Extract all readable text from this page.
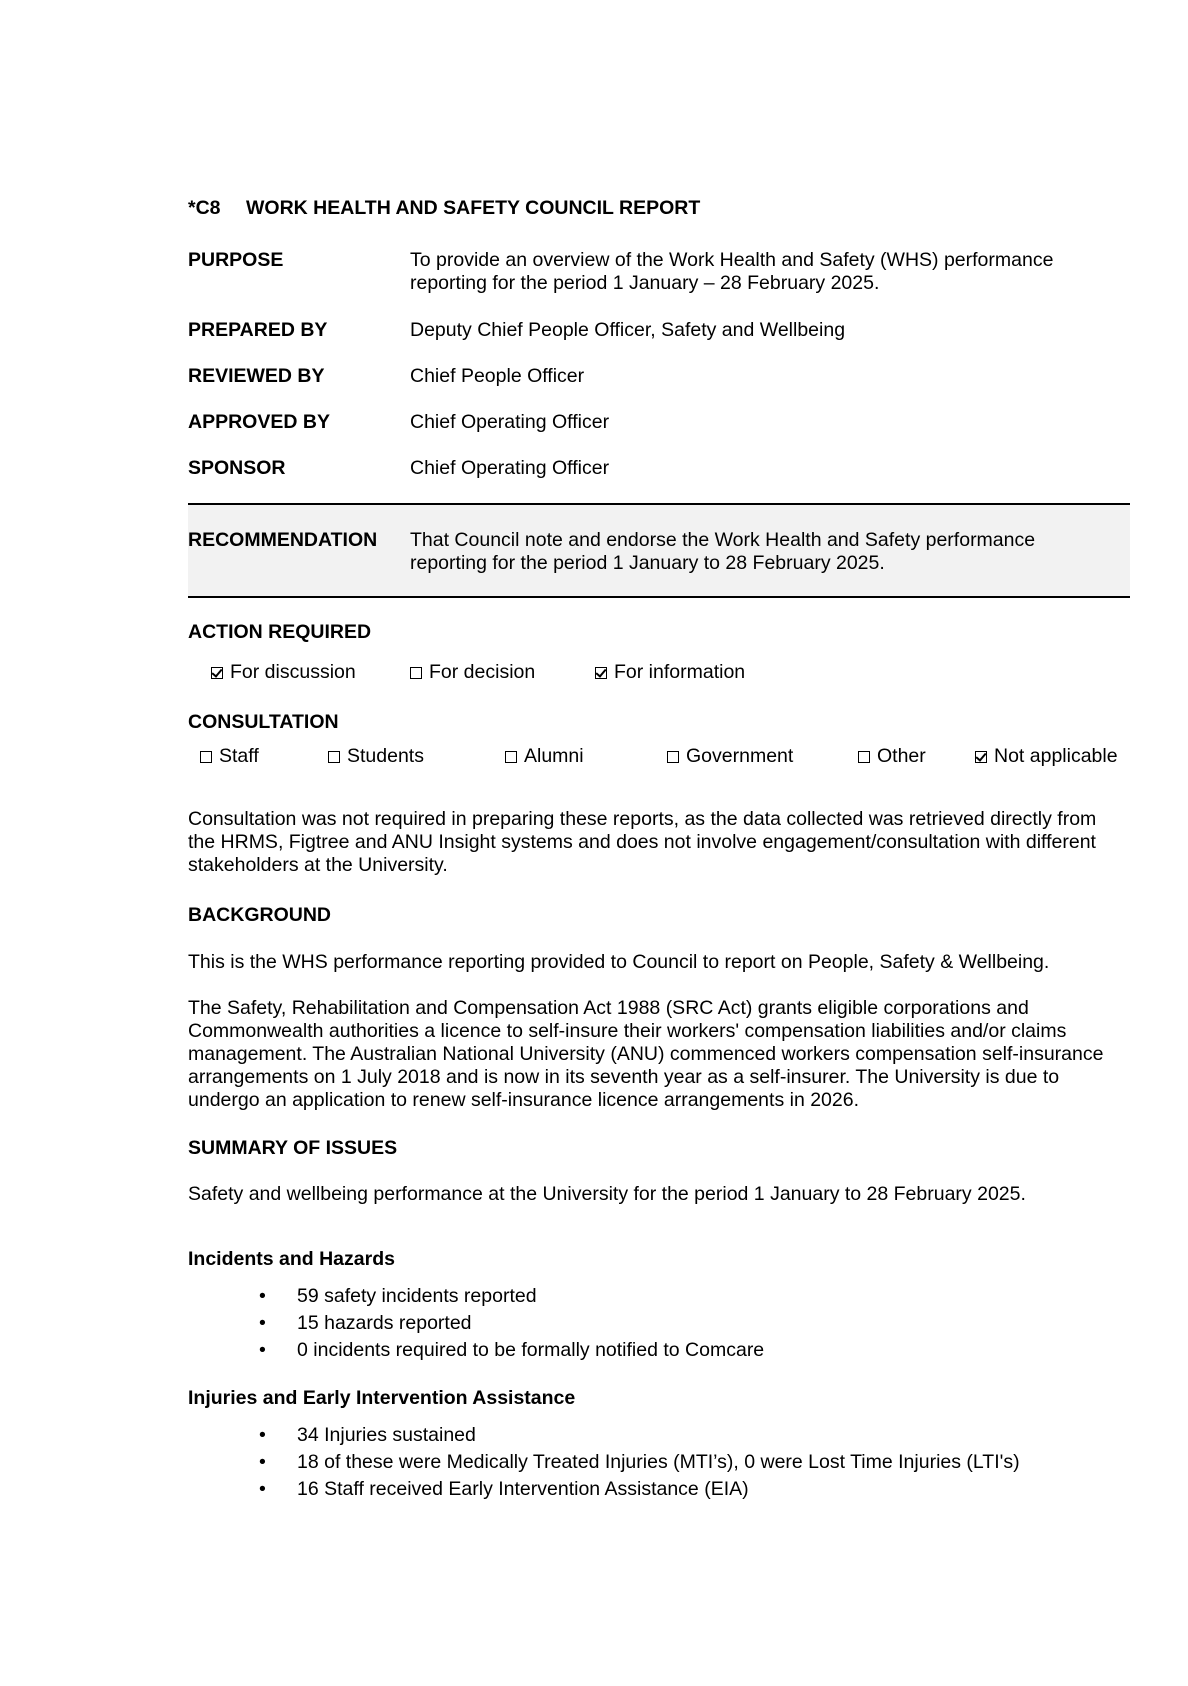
*C8 WORK HEALTH AND SAFETY COUNCIL REPORT
PURPOSE	To provide an overview of the Work Health and Safety (WHS) performance reporting for the period 1 January – 28 February 2025.
PREPARED BY	Deputy Chief People Officer, Safety and Wellbeing
REVIEWED BY	Chief People Officer
APPROVED BY	Chief Operating Officer
SPONSOR	Chief Operating Officer
RECOMMENDATION That Council note and endorse the Work Health and Safety performance reporting for the period 1 January to 28 February 2025.
ACTION REQUIRED
For discussion	For decision	For information
CONSULTATION
Staff	Students	Alumni	Government	Other	Not applicable
Consultation was not required in preparing these reports, as the data collected was retrieved directly from the HRMS, Figtree and ANU Insight systems and does not involve engagement/consultation with different stakeholders at the University.
BACKGROUND
This is the WHS performance reporting provided to Council to report on People, Safety & Wellbeing.
The Safety, Rehabilitation and Compensation Act 1988 (SRC Act) grants eligible corporations and Commonwealth authorities a licence to self-insure their workers' compensation liabilities and/or claims management. The Australian National University (ANU) commenced workers compensation self-insurance arrangements on 1 July 2018 and is now in its seventh year as a self-insurer. The University is due to undergo an application to renew self-insurance licence arrangements in 2026.
SUMMARY OF ISSUES
Safety and wellbeing performance at the University for the period 1 January to 28 February 2025.
Incidents and Hazards
• 59 safety incidents reported
• 15 hazards reported
• 0 incidents required to be formally notified to Comcare
Injuries and Early Intervention Assistance
• 34 Injuries sustained
• 18 of these were Medically Treated Injuries (MTI’s), 0 were Lost Time Injuries (LTI's)
• 16 Staff received Early Intervention Assistance (EIA)
